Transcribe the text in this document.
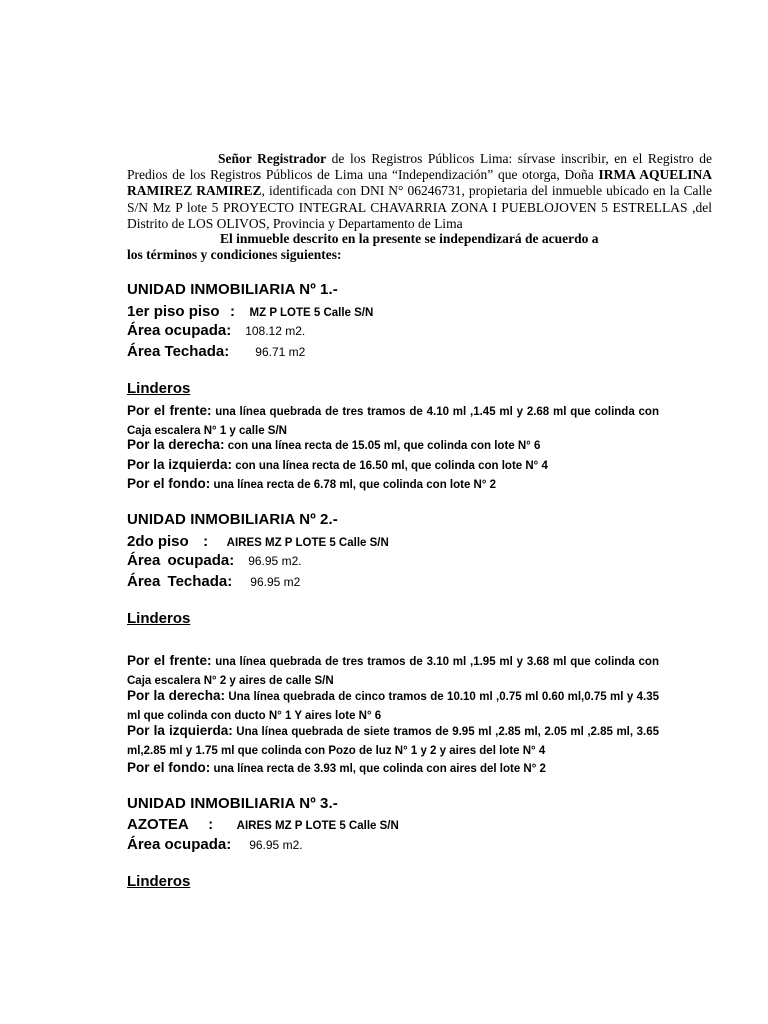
Señor Registrador de los Registros Públicos Lima: sírvase inscribir, en el Registro de Predios de los Registros Públicos de Lima una “Independización” que otorga, Doña IRMA AQUELINA RAMIREZ RAMIREZ, identificada con DNI N° 06246731, propietaria del inmueble ubicado en la Calle S/N Mz P lote 5 PROYECTO INTEGRAL CHAVARRIA ZONA I PUEBLOJOVEN 5 ESTRELLAS ,del Distrito de LOS OLIVOS, Provincia y Departamento de Lima
El inmueble descrito en la presente se independizará de acuerdo a
los términos y condiciones siguientes:
UNIDAD INMOBILIARIA Nº 1.-
1er piso piso : MZ P LOTE 5 Calle S/N
Área ocupada: 108.12 m2.
Área Techada: 96.71 m2
Linderos
Por el frente: una línea quebrada de tres tramos de 4.10 ml ,1.45 ml y 2.68 ml que colinda con Caja escalera N° 1 y calle S/N
Por la derecha: con una línea recta de 15.05 ml, que colinda con lote N° 6
Por la izquierda: con una línea recta de 16.50 ml, que colinda con lote N° 4
Por el fondo: una línea recta de 6.78 ml, que colinda con lote N° 2
UNIDAD INMOBILIARIA Nº 2.-
2do piso : AIRES MZ P LOTE 5 Calle S/N
Área ocupada: 96.95 m2.
Área Techada: 96.95 m2
Linderos
Por el frente: una línea quebrada de tres tramos de 3.10 ml ,1.95 ml y 3.68 ml que colinda con Caja escalera N° 2 y aires de calle S/N
Por la derecha: Una línea quebrada de cinco tramos de 10.10 ml ,0.75 ml 0.60 ml,0.75 ml y 4.35 ml que colinda con ducto N° 1 Y aires lote N° 6
Por la izquierda: Una línea quebrada de siete tramos de 9.95 ml ,2.85 ml, 2.05 ml ,2.85 ml, 3.65 ml,2.85 ml y 1.75 ml que colinda con Pozo de luz N° 1 y 2 y aires del lote N° 4
Por el fondo: una línea recta de 3.93 ml, que colinda con aires del lote N° 2
UNIDAD INMOBILIARIA Nº 3.-
AZOTEA : AIRES MZ P LOTE 5 Calle S/N
Área ocupada: 96.95 m2.
Linderos
